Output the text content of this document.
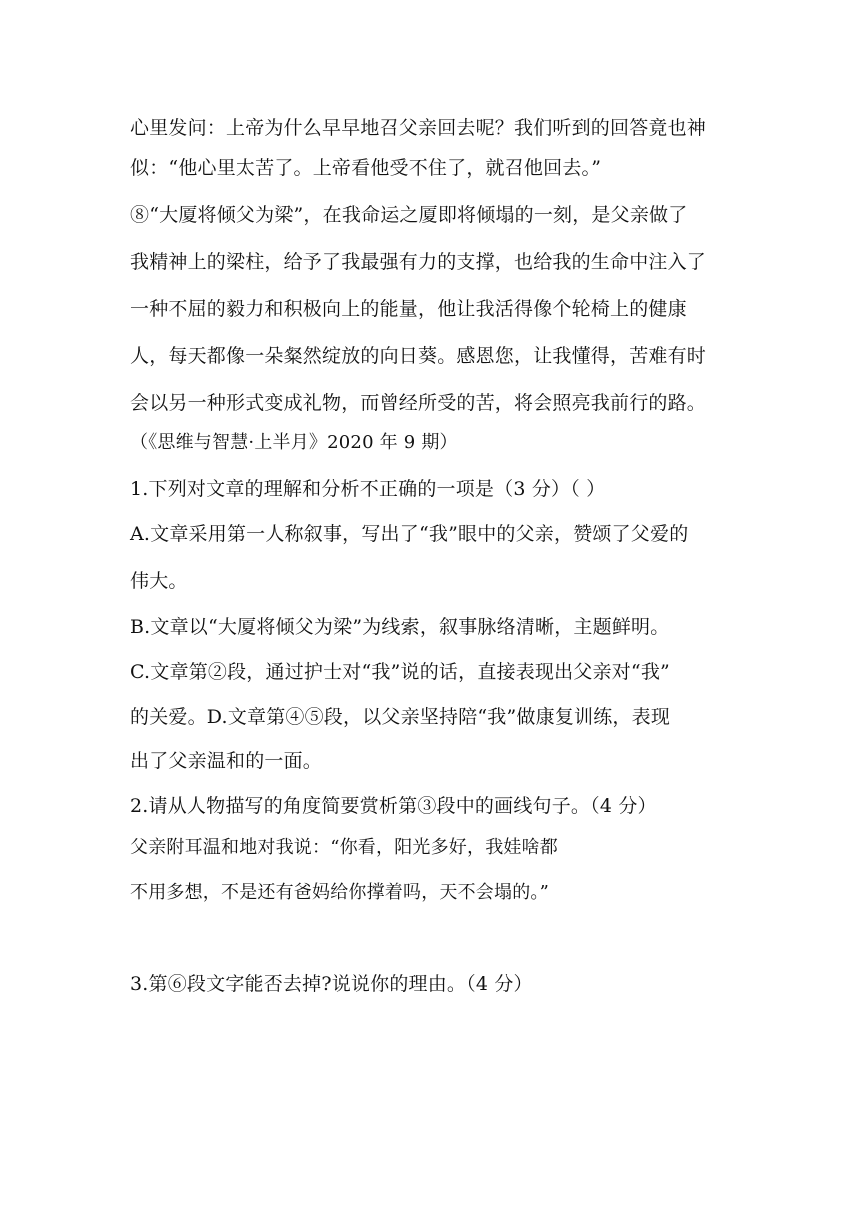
心里发问：上帝为什么早早地召父亲回去呢？我们听到的回答竟也神
似：“他心里太苦了。上帝看他受不住了，就召他回去。”
⑧“大厦将倾父为梁”，在我命运之厦即将倾塌的一刻，是父亲做了
我精神上的梁柱，给予了我最强有力的支撑，也给我的生命中注入了
一种不屈的毅力和积极向上的能量，他让我活得像个轮椅上的健康
人，每天都像一朵粲然绽放的向日葵。感恩您，让我懂得，苦难有时
会以另一种形式变成礼物，而曾经所受的苦，将会照亮我前行的路。
（《思维与智慧·上半月》2020 年 9 期）
1.下列对文章的理解和分析不正确的一项是（3 分）（ ）
A.文章采用第一人称叙事，写出了“我”眼中的父亲，赞颂了父爱的
伟大。
B.文章以“大厦将倾父为梁”为线索，叙事脉络清晰，主题鲜明。
C.文章第②段，通过护士对“我”说的话，直接表现出父亲对“我”
的关爱。D.文章第④⑤段，以父亲坚持陪“我”做康复训练，表现
出了父亲温和的一面。
2.请从人物描写的角度简要赏析第③段中的画线句子。（4 分）
父亲附耳温和地对我说：“你看，阳光多好，我娃啥都
不用多想，不是还有爸妈给你撑着吗，天不会塌的。”
3.第⑥段文字能否去掉?说说你的理由。（4 分）
